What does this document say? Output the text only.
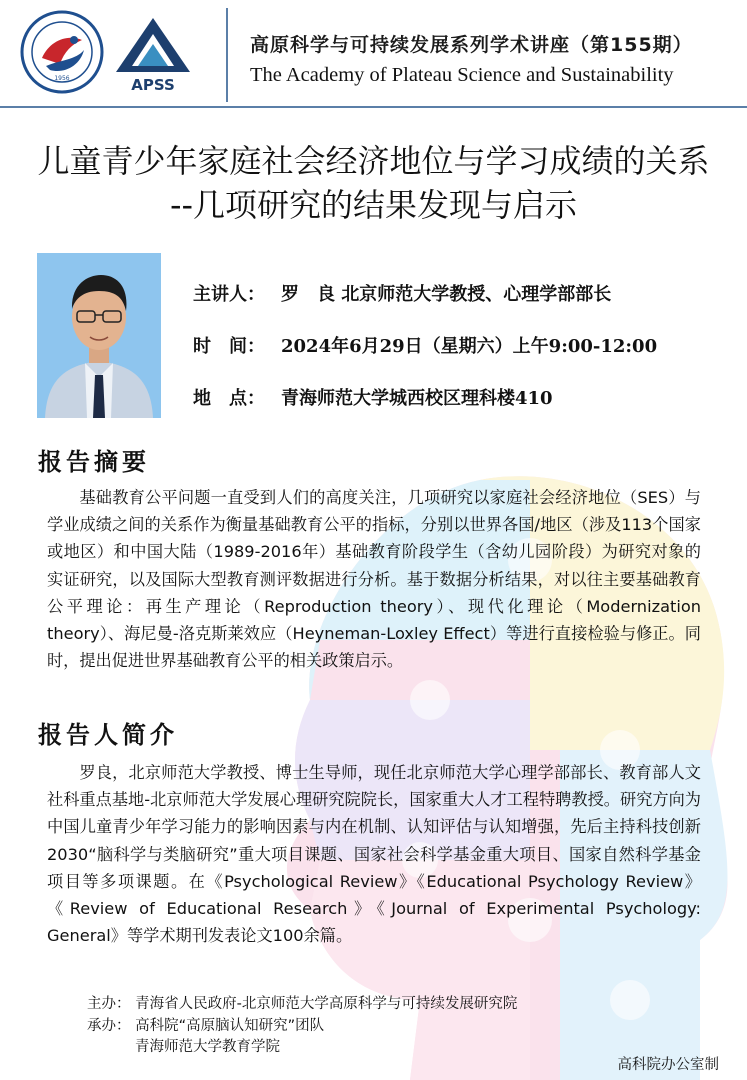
1956	APSS
高原科学与可持续发展系列学术讲座（第155期）
The Academy of Plateau Science and Sustainability
儿童青少年家庭社会经济地位与学习成绩的关系
--几项研究的结果发现与启示
主讲人： 罗　良 北京师范大学教授、心理学部部长
时　间： 2024年6月29日（星期六）上午9:00-12:00
地　点： 青海师范大学城西校区理科楼410
报告摘要

基础教育公平问题一直受到人们的高度关注，几项研究以家庭社会经济地位（SES）与学业成绩之间的关系作为衡量基础教育公平的指标，分别以世界各国/地区（涉及113个国家或地区）和中国大陆（1989-2016年）基础教育阶段学生（含幼儿园阶段）为研究对象的实证研究，以及国际大型教育测评数据进行分析。基于数据分析结果，对以往主要基础教育公平理论：再生产理论（Reproduction theory）、现代化理论（Modernization theory）、海尼曼-洛克斯莱效应（Heyneman-Loxley Effect）等进行直接检验与修正。同时，提出促进世界基础教育公平的相关政策启示。

报告人简介

罗良，北京师范大学教授、博士生导师，现任北京师范大学心理学部部长、教育部人文社科重点基地-北京师范大学发展心理研究院院长，国家重大人才工程特聘教授。研究方向为中国儿童青少年学习能力的影响因素与内在机制、认知评估与认知增强，先后主持科技创新2030“脑科学与类脑研究”重大项目课题、国家社会科学基金重大项目、国家自然科学基金项目等多项课题。在《Psychological Review》《Educational Psychology Review》《Review of Educational Research》《Journal of Experimental Psychology: General》等学术期刊发表论文100余篇。

主办： 青海省人民政府-北京师范大学高原科学与可持续发展研究院
承办： 高科院“高原脑认知研究”团队
青海师范大学教育学院
高科院办公室制
